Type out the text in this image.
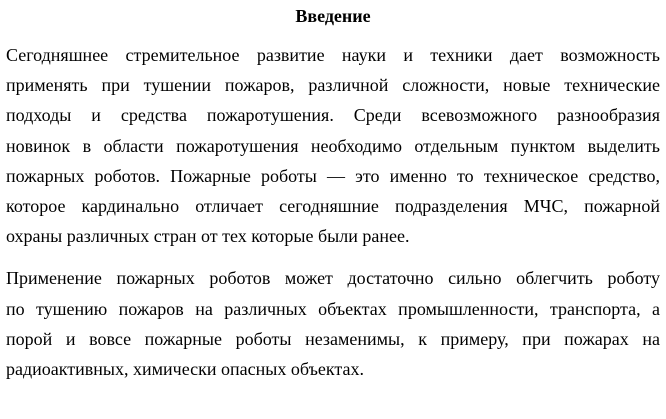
Введение
Сегодняшнее стремительное развитие науки и техники дает возможность
применять при тушении пожаров, различной сложности, новые технические
подходы и средства пожаротушения. Среди всевозможного разнообразия
новинок в области пожаротушения необходимо отдельным пунктом выделить
пожарных роботов. Пожарные роботы — это именно то техническое средство,
которое кардинально отличает сегодняшние подразделения МЧС, пожарной
охраны различных стран от тех которые были ранее.
Применение пожарных роботов может достаточно сильно облегчить роботу
по тушению пожаров на различных объектах промышленности, транспорта, а
порой и вовсе пожарные роботы незаменимы, к примеру, при пожарах на
радиоактивных, химически опасных объектах.
